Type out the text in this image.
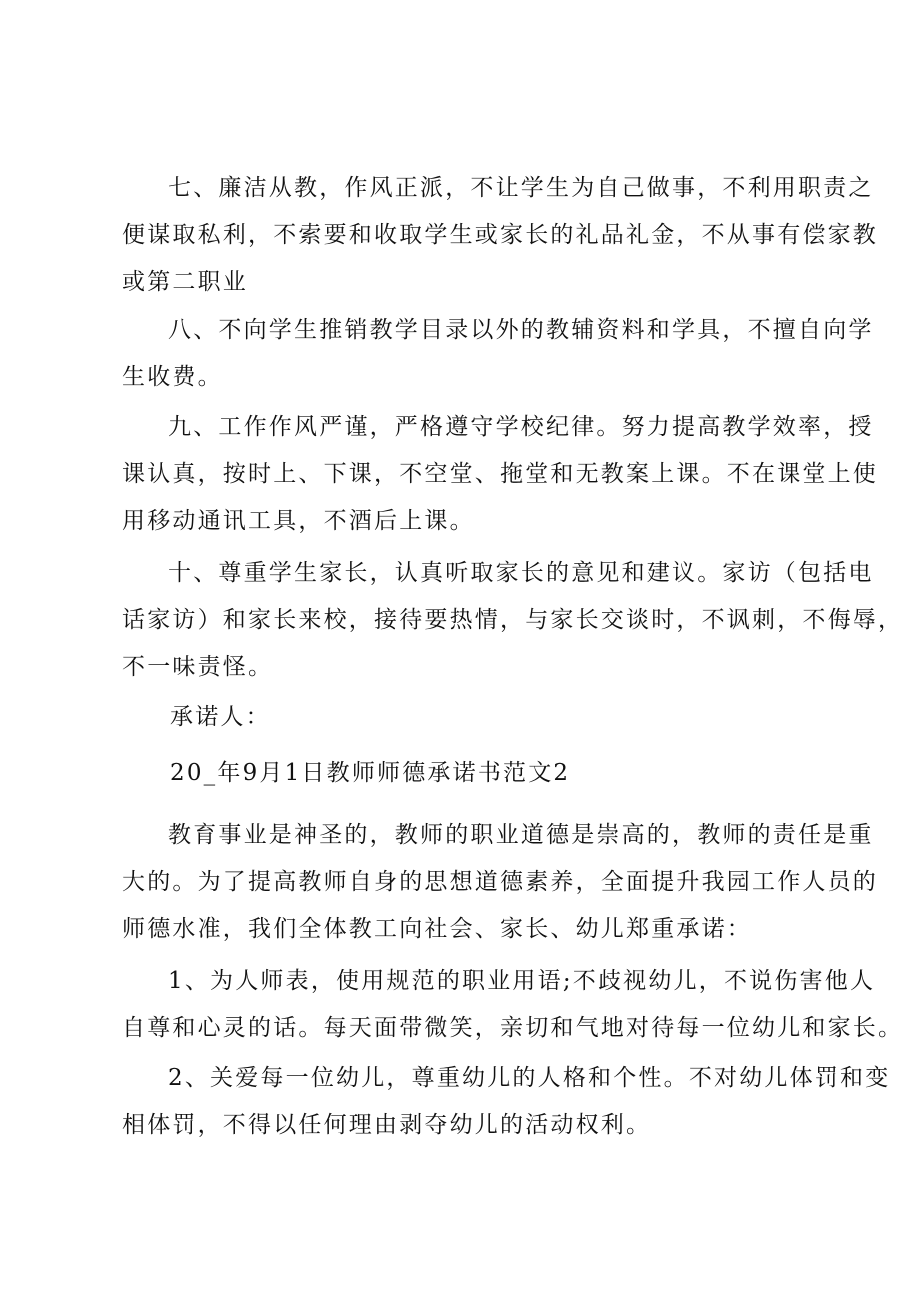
七、廉洁从教，作风正派，不让学生为自己做事，不利用职责之
便谋取私利，不索要和收取学生或家长的礼品礼金，不从事有偿家教
或第二职业
八、不向学生推销教学目录以外的教辅资料和学具，不擅自向学
生收费。
九、工作作风严谨，严格遵守学校纪律。努力提高教学效率，授
课认真，按时上、下课，不空堂、拖堂和无教案上课。不在课堂上使
用移动通讯工具，不酒后上课。
十、尊重学生家长，认真听取家长的意见和建议。家访（包括电
话家访）和家长来校，接待要热情，与家长交谈时，不讽刺，不侮辱，
不一味责怪。

承诺人：

20_年9月1日教师师德承诺书范文2

教育事业是神圣的，教师的职业道德是崇高的，教师的责任是重
大的。为了提高教师自身的思想道德素养，全面提升我园工作人员的
师德水准，我们全体教工向社会、家长、幼儿郑重承诺：
1、为人师表，使用规范的职业用语;不歧视幼儿，不说伤害他人
自尊和心灵的话。每天面带微笑，亲切和气地对待每一位幼儿和家长。
2、关爱每一位幼儿，尊重幼儿的人格和个性。不对幼儿体罚和变
相体罚，不得以任何理由剥夺幼儿的活动权利。
